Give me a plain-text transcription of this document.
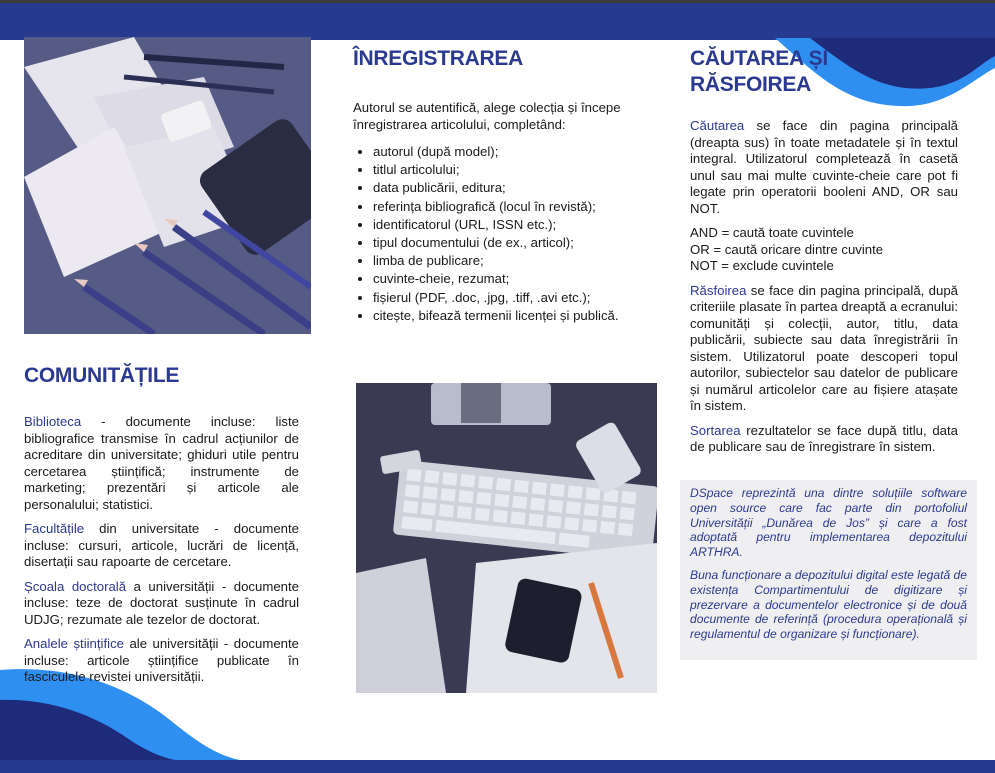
COMUNITĂȚILE

Biblioteca - documente incluse: liste bibliografice transmise în cadrul acțiunilor de acreditare din universitate; ghiduri utile pentru cercetarea științifică; instrumente de marketing; prezentări și articole ale personalului; statistici.

Facultățile din universitate - documente incluse: cursuri, articole, lucrări de licență, disertații sau rapoarte de cercetare.

Școala doctorală a universității - documente incluse: teze de doctorat susținute în cadrul UDJG; rezumate ale tezelor de doctorat.

Analele științifice ale universității - documente incluse: articole științifice publicate în fasciculele revistei universității.

ÎNREGISTRAREA

Autorul se autentifică, alege colecția și începe înregistrarea articolului, completând:

• autorul (după model);
• titlul articolului;
• data publicării, editura;
• referința bibliografică (locul în revistă);
• identificatorul (URL, ISSN etc.);
• tipul documentului (de ex., articol);
• limba de publicare;
• cuvinte-cheie, rezumat;
• fișierul (PDF, .doc, .jpg, .tiff, .avi etc.);
• citește, bifează termenii licenței și publică.
CĂUTAREA ȘI
RĂSFOIREA

Căutarea se face din pagina principală (dreapta sus) în toate metadatele și în textul integral. Utilizatorul completează în casetă unul sau mai multe cuvinte-cheie care pot fi legate prin operatorii booleni AND, OR sau NOT.

AND = caută toate cuvintele
OR = caută oricare dintre cuvinte
NOT = exclude cuvintele

Răsfoirea se face din pagina principală, după criteriile plasate în partea dreaptă a ecranului: comunități și colecții, autor, titlu, data publicării, subiecte sau data înregistrării în sistem. Utilizatorul poate descoperi topul autorilor, subiectelor sau datelor de publicare și numărul articolelor care au fișiere atașate în sistem.

Sortarea rezultatelor se face după titlu, data de publicare sau de înregistrare în sistem.

DSpace reprezintă una dintre soluțiile software open source care fac parte din portofoliul Universității „Dunărea de Jos” și care a fost adoptată pentru implementarea depozitului ARTHRA.

Buna funcționare a depozitului digital este legată de existența Compartimentului de digitizare și prezervare a documentelor electronice și de două documente de referință (procedura operațională și regulamentul de organizare și funcționare).
